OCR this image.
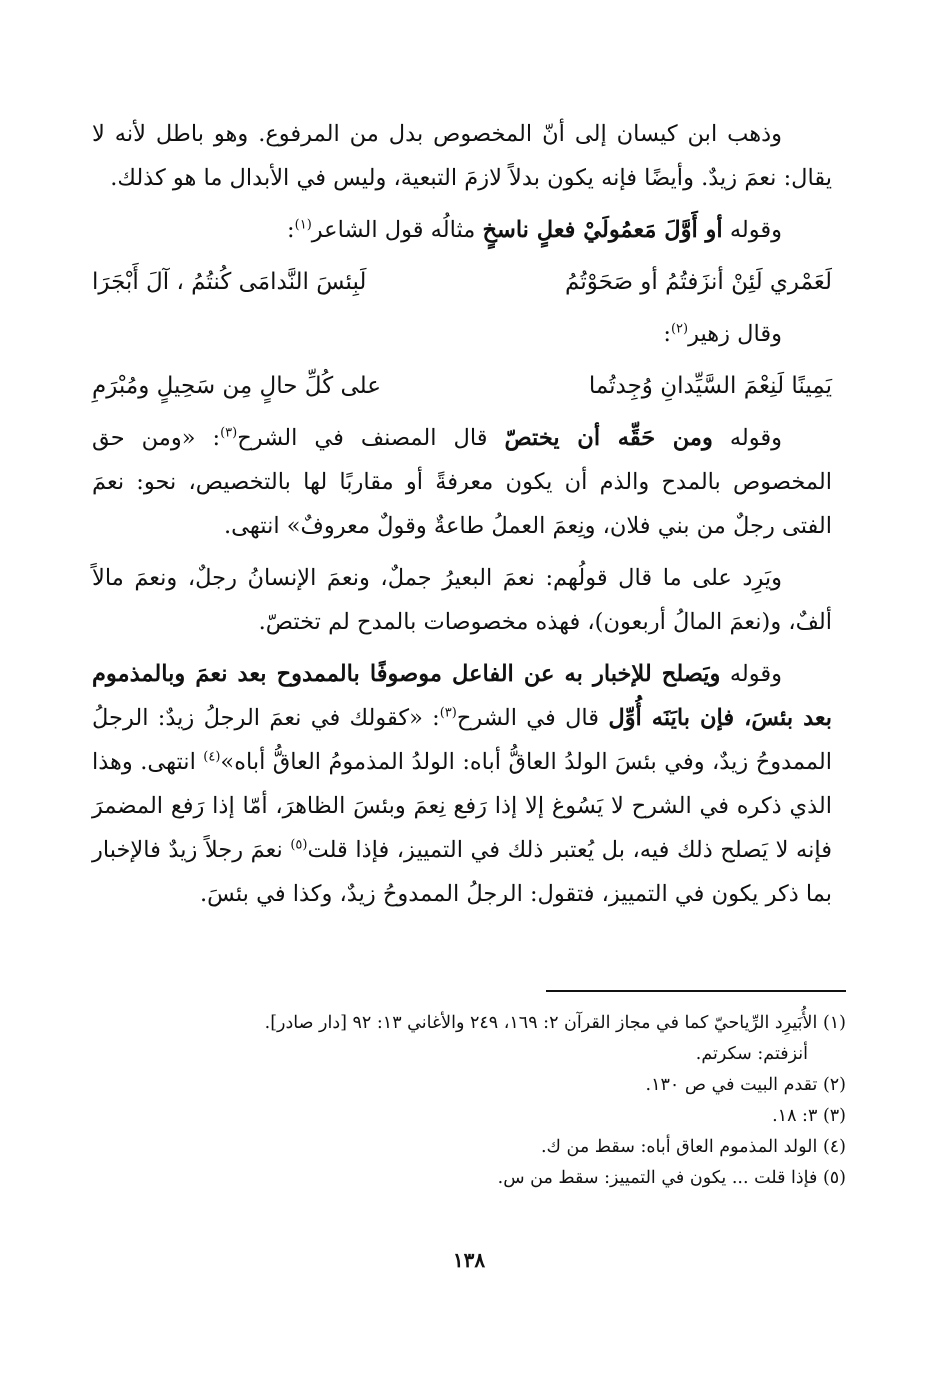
وذهب ابن كيسان إلى أنّ المخصوص بدل من المرفوع. وهو باطل لأنه لا يقال: نعمَ زيدٌ. وأيضًا فإنه يكون بدلاً لازمَ التبعية، وليس في الأبدال ما هو كذلك.

وقوله أو أَوَّلَ مَعمُولَيْ فعلٍ ناسخٍ مثالُه قول الشاعر$^{(١)}$:

لَعَمْري لَئِنْ أنزَفتُمُ أو صَحَوْتُمُ
لَبِئسَ النَّدامَى كُنتُمُ ، آلَ أَبْجَرَا

وقال زهير$^{(٢)}$:

يَمِينًا لَنِعْمَ السَّيِّدانِ وُجِدتُما
على كُلِّ حالٍ مِن سَحِيلٍ ومُبْرَمِ

وقوله ومن حَقِّه أن يختصّ قال المصنف في الشرح$^{(٣)}$: «ومن حق المخصوص بالمدح والذم أن يكون معرفةً أو مقاربًا لها بالتخصيص، نحو: نعمَ الفتى رجلٌ من بني فلان، ونِعمَ العملُ طاعةٌ وقولٌ معروفٌ» انتهى.

ويَرِد على ما قال قولُهم: نعمَ البعيرُ جملٌ، ونعمَ الإنسانُ رجلٌ، ونعمَ مالاً ألفٌ، و(نعمَ المالُ أربعون)، فهذه مخصوصات بالمدح لم تختصّ.

وقوله ويَصلح للإخبار به عن الفاعل موصوفًا بالممدوح بعد نعمَ وبالمذموم بعد بئسَ، فإن بايَنَه أُوِّل قال في الشرح$^{(٣)}$: «كقولك في نعمَ الرجلُ زيدٌ: الرجلُ الممدوحُ زيدٌ، وفي بئسَ الولدُ العاقُّ أباه: الولدُ المذمومُ العاقُّ أباه»$^{(٤)}$ انتهى. وهذا الذي ذكره في الشرح لا يَسُوغ إلا إذا رَفع نِعمَ وبئسَ الظاهرَ، أمّا إذا رَفع المضمرَ فإنه لا يَصلح ذلك فيه، بل يُعتبر ذلك في التمييز، فإذا قلت$^{(٥)}$ نعمَ رجلاً زيدٌ فالإخبار بما ذكر يكون في التمييز، فتقول: الرجلُ الممدوحُ زيدٌ، وكذا في بئسَ.

(١) الأُبَيرِد الرِّياحيّ كما في مجاز القرآن ٢: ١٦٩، ٢٤٩ والأغاني ١٣: ٩٢ [دار صادر].

أنزفتم: سكرتم.

(٢) تقدم البيت في ص ١٣٠.

(٣) ٣: ١٨.

(٤) الولد المذموم العاق أباه: سقط من ك.

(٥) فإذا قلت ... يكون في التمييز: سقط من س.

١٣٨
